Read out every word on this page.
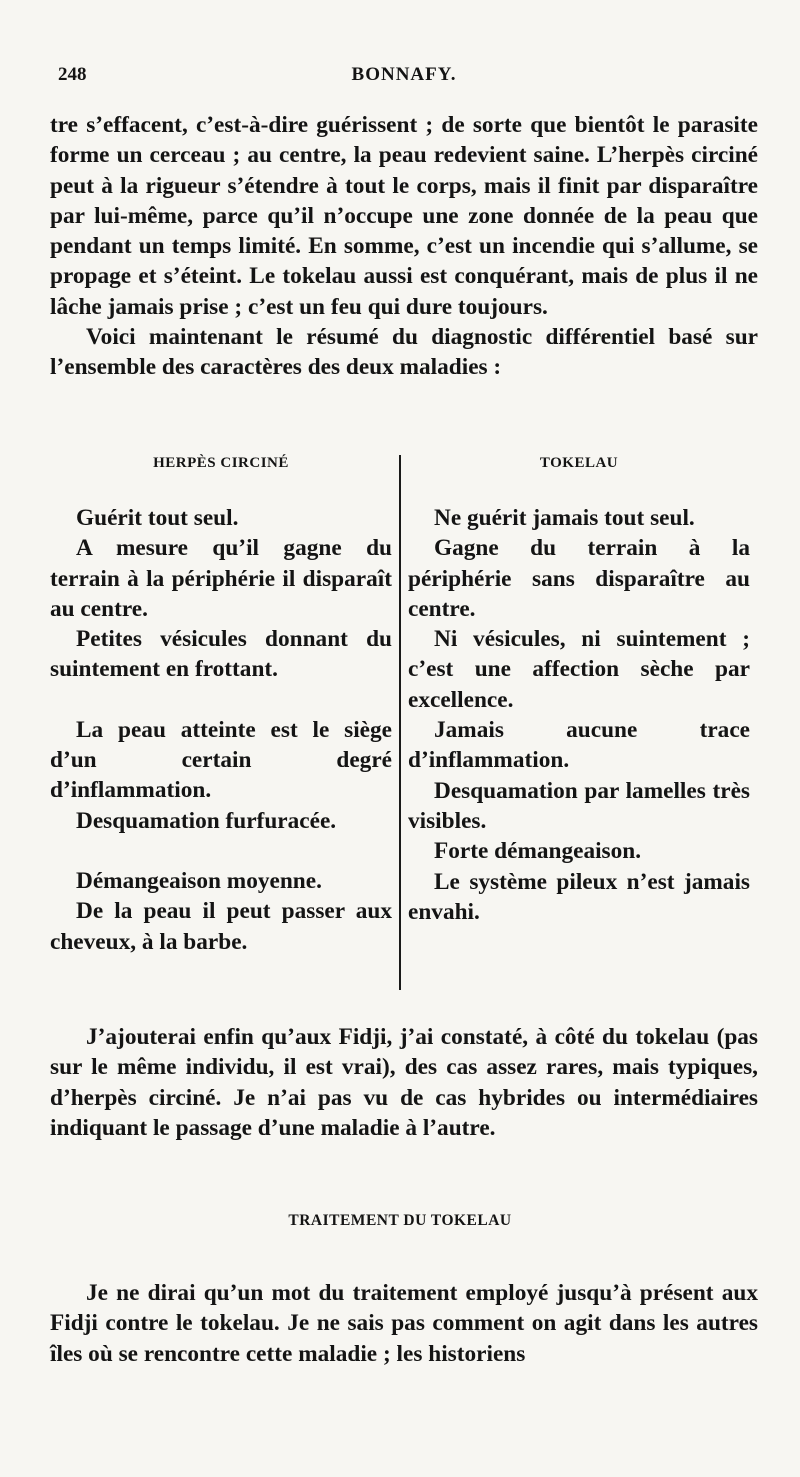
248	BONNAFY.

tre s’effacent, c’est-à-dire guérissent ; de sorte que bientôt le parasite forme un cerceau ; au centre, la peau redevient saine. L’herpès circiné peut à la rigueur s’étendre à tout le corps, mais il finit par disparaître par lui-même, parce qu’il n’occupe une zone donnée de la peau que pendant un temps limité. En somme, c’est un incendie qui s’allume, se propage et s’éteint. Le tokelau aussi est conquérant, mais de plus il ne lâche jamais prise ; c’est un feu qui dure toujours.

Voici maintenant le résumé du diagnostic différentiel basé sur l’ensemble des caractères des deux maladies :

HERPÈS CIRCINÉ

Guérit tout seul.

A mesure qu’il gagne du terrain à la périphérie il disparaît au centre.

Petites vésicules donnant du suintement en frottant.

La peau atteinte est le siège d’un certain degré d’inflammation.

Desquamation furfuracée.

Démangeaison moyenne.

De la peau il peut passer aux cheveux, à la barbe.

TOKELAU

Ne guérit jamais tout seul.

Gagne du terrain à la périphérie sans disparaître au centre.

Ni vésicules, ni suintement ; c’est une affection sèche par excellence.

Jamais aucune trace d’inflammation.

Desquamation par lamelles très visibles.

Forte démangeaison.

Le système pileux n’est jamais envahi.

J’ajouterai enfin qu’aux Fidji, j’ai constaté, à côté du tokelau (pas sur le même individu, il est vrai), des cas assez rares, mais typiques, d’herpès circiné. Je n’ai pas vu de cas hybrides ou intermédiaires indiquant le passage d’une maladie à l’autre.

TRAITEMENT DU TOKELAU

Je ne dirai qu’un mot du traitement employé jusqu’à présent aux Fidji contre le tokelau. Je ne sais pas comment on agit dans les autres îles où se rencontre cette maladie ; les historiens
